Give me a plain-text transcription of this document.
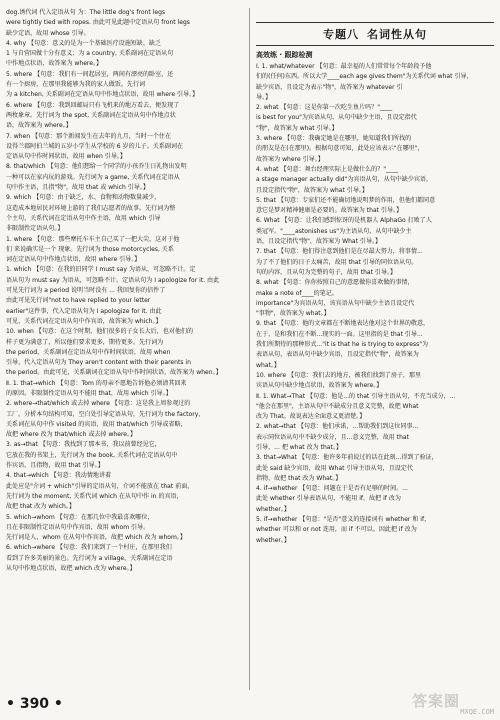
dog.诱代词 代入定语从句 为：The little dog's front legs

were tightly tied with ropes. 由此可见此题中定语从句 front legs

缺少定语，故用 whose 引导。

4. why 【句意：意义的是为一个基础医疗设施短缺、缺乏

1 与自营国做十分有意义；为 a country, 关系副词在定语从句

中作地点状语，故答案为 where。】

5. where 【句意：我们有一间起居室，两间有漂亮的卧室，还

有一个厨房，在那里我能够为我的家人做饭。先行词

为 a kitchen, 关系副词在定语从句中作地点状语，故用 where 引导。】

6. where 【句意：我到回邮局只有飞机来的地方看去，便发现了

两枚象章。先行词为 the spot, 关系副词在定语从句中作地点状

语，故答案为 where。】

7. when 【句意：那个新闻发生在去年的九月，当时一个住在

设得兰郡阿伯兰城的五岁小学生从学校的 6 岁的儿子。关系副词在

定语从句中作时间状语，故用 when 引导。】

8. that/which 【句意：他们想给一个同学的小孩乔生日礼物出发明

一种可以在家内玩的游戏。先行词为 a game, 关系代词在定语从

句中作主语，且指"物"，故用 that 或 which 引导。】

9. which 【句意：由于缺乏，水、食物和动物数量减少，

这造成本地居民对环境上游的了我们志愿者的故事。先行词为整

个主句，关系代词在定语从句中作主语，故用 which 引导

非限制性定语从句。】

1. where 【句意：那些摩托车车主自己买了一把大尖，这对于他

们 来说确实是一个 现象。先行词为 those motorcycles, 关系

词在定语从句中作地点状语，故用 where 引导。】

1. which 【句意：在我的旧同学 I must say 为语从，可忽略不计。定

语从句为 must say 为语从，可忽略不计。定语从句为 I apologize for it. 由此

可见先行词为 a period 说明当时没有 ... 我回复你的信件了

由此可见先行词"not to have replied to your letter

earlier"这件事，代入定语从句为 I apologize for it. 由此

可见，关系代词在定语从句中作宾语，故答案为 which。】

10. when 【句意：在这个时期，他们很多的子女长大后，也对他们的

样子更为满意了，所以他们要求更多，期待更多。先行词为

the period，关系副词在定语从句中作时间状语，故用 when

引导，代入定语从句为 They aren't content with their parents in

the period。由此可见，关系副词在定语从句中作时间状语，故答案为 when。】

Ⅱ. 1. that→which 【句意：Tom 的母亲不愿地告诉他必须请其回来

的原因。非限制性定语从句不能用 that，故用 which 引导。】

2. where→that/which 或去掉 where 【句意：这是我上周参观过的

工厂。分析本句结构可知，空白处引导定语从句，先行词为 the factory，

关系词在从句中作 visited 的宾语，故用 that/which 引导或省略，

故把 where 改为 that/which 或去掉 where。】

3. as→that 【句意：我找到了那本书，我以前曾经见它，

它放在我的书架上，先行词为 the book, 关系代词在定语从句中

作宾语，且指物，故用 that 引导。】

4. that→which 【句意：我动情地讲着

此处应是"介词 + which"引导的定语从句，介词不能放在 that 前面，

先行词为 the moment, 关系代词 which 在从句中作 in 的宾语，

故把 that 改为 which。】

5. which→whom 【句意：在那几位中我最喜欢哪位，

且在非限制性定语从句中作宾语，故用 whom 引导。

先行词是人，whom 在从句中作宾语，故把 which 改为 whom。】

6. which→where 【句意：我们来到了一个村庄，在那里我们

看到了许多美丽的景色。先行词为 a village，关系副词在定语

从句中作地点状语，故把 which 改为 where。】

专题八 名词性从句
高效练 · 跟踪检测

I. 1. what/whatever 【句意：最幸福的人们常常每个年龄段予他

们的(任何)东西。所以大学____each age gives them"为关系代词 what 引导，

缺少宾语，且设定为表示"物"，故答案为 whatever 引

导。】

2. what 【句意：这是你第一次吃生鱼片吗？"____

is best for you"为宾语从句，从句中缺少主语，且设定指代

"物"，故答案为 what 引导。】

3. where 【句意：我确定她是在哪里，她知道我们所找的

的朋友是在(在那里)。根据句意可知，此处应该表示"在哪里"，

故答案为 where 引导。】

4. what 【句意：舞台经理实际上是做什么的？"____

a stage manager actually did"为宾语从句，从句中缺少宾语，

且设定指代"物"，故答案为 what 引导。】

5. that 【句意：专家们还不能确切地说明梦的作用，但他们都同意

意它是梦对精神健康是必要的。故答案为 that 引导。】

6. What 【句意：让我们感到惊讶的是机器人 AlphaGo 打败了人

类冠军。"____astonishes us"为主语从句，从句中缺少主

语，且设定指代"物"，故答案为 What 引导。】

7. that 【句意：他们得注意到他们是在尽最大努力，将事情...

为了不了他们的日子太痛苦，故用 that 引导的同位语从句。

句的内容，且从句为完整的句子，故用 that 引导。】

8. what 【句意：你你按照自己的意愿做你喜欢做的事情，

make a note of____的笔记。

importance"为宾语从句，该宾语从句中缺少主语且设定代

"事物"，故答案为 what。】

9. that 【句意：他的文章都在不断地表达他对这个世界的敬意，

在于，是和我们在不断...现实的一面。这里指的是 that 引导...

我们所期待的那种形式..."it is that he is trying to express"为

表语从句，表语从句中缺少宾语，且设定指代"物"，故答案为

what。】

10. where 【句意：我们去的地方，被我们找到了房子，那里

宾语从句中缺少地点状语，故答案为 where。】

Ⅱ. 1. What→That 【句意：他是...的 that 引导主语从句，不充当成分，...

"他会在那里"，主语从句中不缺成分且意义完整，故把 What

改为 That。故说表达全面意义更清楚。】

2. what→that 【句意：他们承诺，...帮助我们到这位同事...

表示同位语从句中不缺少成分，且...意义完整，故用 that

引导，... 把 what 改为 that。】

3. that→What 【句意：他许多年前说过的话在此刻...得到了验证，

此处 said 缺少宾语，故用 What 引导主语从句，且设定代

指物，故把 that 改为 What。】

4. if→whether 【句意：问题在于是否有足够的时间。...

此处 whether 引导表语从句，不能用 if，故把 if 改为

whether。】

5. if→whether 【句意："是否"意义的连接词有 whether 和 if，

whether 可以和 or not 连用，而 if 不可以。因此把 if 改为

whether。】

• 390 •	答案圈
MXQE.COM
